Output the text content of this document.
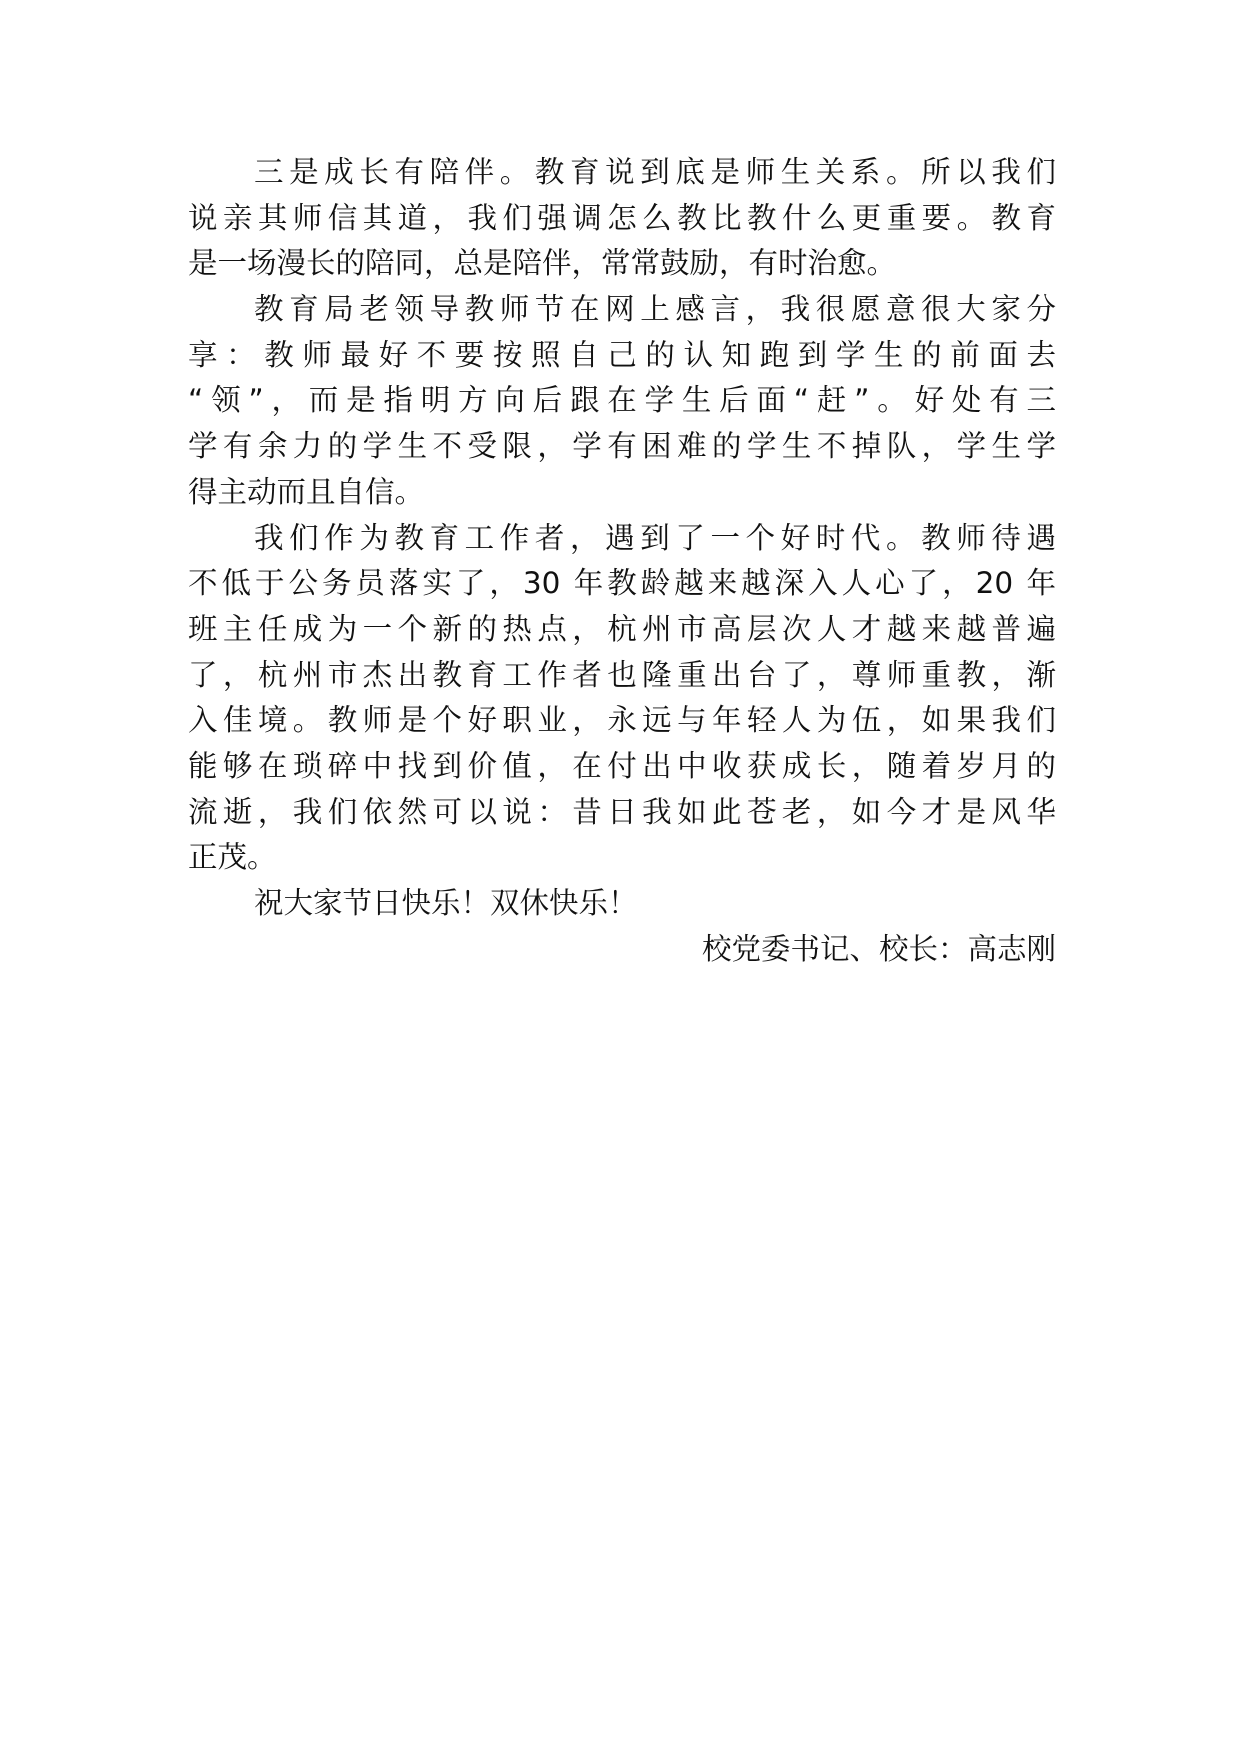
三是成长有陪伴。教育说到底是师生关系。所以我们
说亲其师信其道，我们强调怎么教比教什么更重要。教育
是一场漫长的陪同，总是陪伴，常常鼓励，有时治愈。
教育局老领导教师节在网上感言，我很愿意很大家分
享：教师最好不要按照自己的认知跑到学生的前面去
“领”，而是指明方向后跟在学生后面“赶”。好处有三
学有余力的学生不受限，学有困难的学生不掉队，学生学
得主动而且自信。
我们作为教育工作者，遇到了一个好时代。教师待遇
不低于公务员落实了，30 年教龄越来越深入人心了，20 年
班主任成为一个新的热点，杭州市高层次人才越来越普遍
了，杭州市杰出教育工作者也隆重出台了，尊师重教，渐
入佳境。教师是个好职业，永远与年轻人为伍，如果我们
能够在琐碎中找到价值，在付出中收获成长，随着岁月的
流逝，我们依然可以说：昔日我如此苍老，如今才是风华
正茂。
祝大家节日快乐！双休快乐！
校党委书记、校长：高志刚
